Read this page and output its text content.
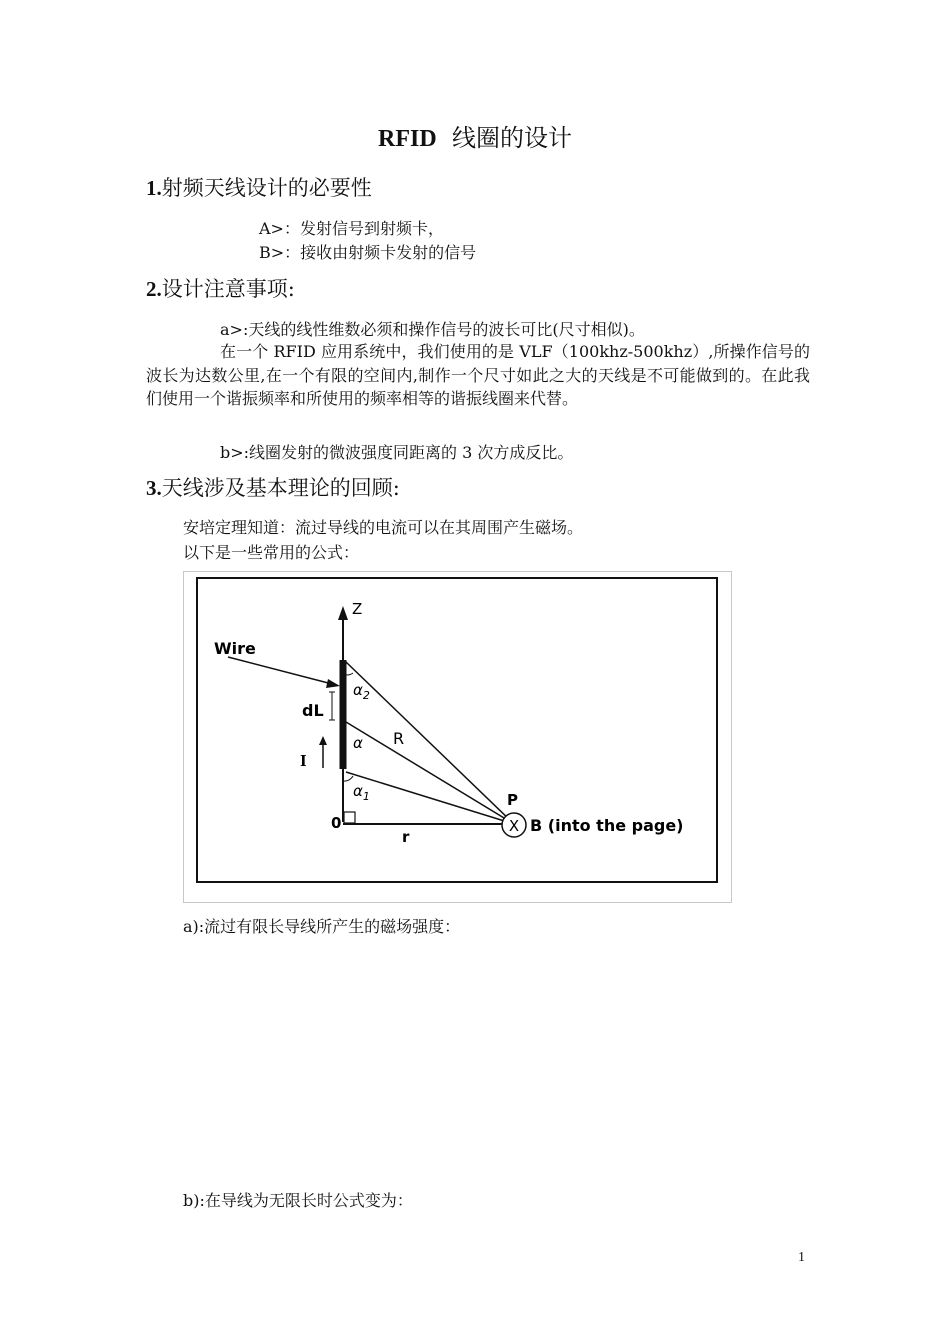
RFID 线圈的设计
1.射频天线设计的必要性
A>：发射信号到射频卡，
B>：接收由射频卡发射的信号
2.设计注意事项:
a>:天线的线性维数必须和操作信号的波长可比(尺寸相似)。
在一个 RFID 应用系统中，我们使用的是 VLF（100khz-500khz）,所操作信号的波长为达数公里,在一个有限的空间内,制作一个尺寸如此之大的天线是不可能做到的。在此我们使用一个谐振频率和所使用的频率相等的谐振线圈来代替。
b>:线圈发射的微波强度同距离的 3 次方成反比。
3.天线涉及基本理论的回顾:
安培定理知道：流过导线的电流可以在其周围产生磁场。
以下是一些常用的公式：
X
Z
Wire
$\alpha_2$
dL
α R
I
$\alpha_1$	P
0
r
B (into the page)
a):流过有限长导线所产生的磁场强度：
b):在导线为无限长时公式变为：
1
